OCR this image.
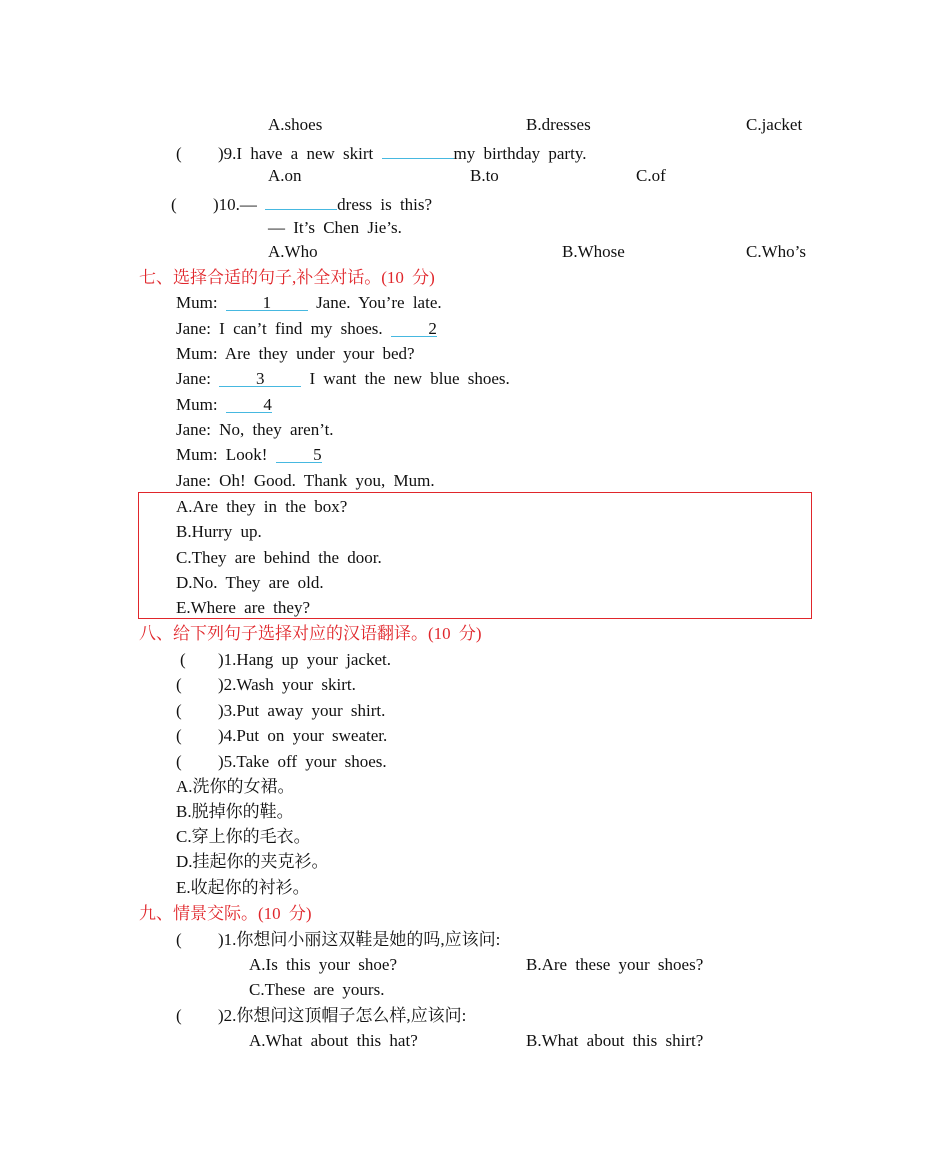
A.shoes	B.dresses	C.jacket
( )9.I have a new skirt	my birthday party.
A.on	B.to	C.of
( )10.—	dress is this?
— It’s Chen Jie’s.
A.Who	B.Whose	C.Who’s
七、选择合适的句子,补全对话。(10 分)
Mum:	1	Jane. You’re late.
Jane: I can’t find my shoes.	2
Mum: Are they under your bed?
Jane:	3	I want the new blue shoes.
Mum:	4
Jane: No, they aren’t.
Mum: Look!	5
Jane: Oh! Good. Thank you, Mum.
A.Are they in the box?
B.Hurry up.
C.They are behind the door.
D.No. They are old.
E.Where are they?
八、给下列句子选择对应的汉语翻译。(10 分)
( )1.Hang up your jacket.
( )2.Wash your skirt.
( )3.Put away your shirt.
( )4.Put on your sweater.
( )5.Take off your shoes.
A.洗你的女裙。
B.脱掉你的鞋。
C.穿上你的毛衣。
D.挂起你的夹克衫。
E.收起你的衬衫。
九、情景交际。(10 分)
( )1.你想问小丽这双鞋是她的吗,应该问:
A.Is this your shoe?	B.Are these your shoes?
C.These are yours.
( )2.你想问这顶帽子怎么样,应该问:
A.What about this hat?	B.What about this shirt?
